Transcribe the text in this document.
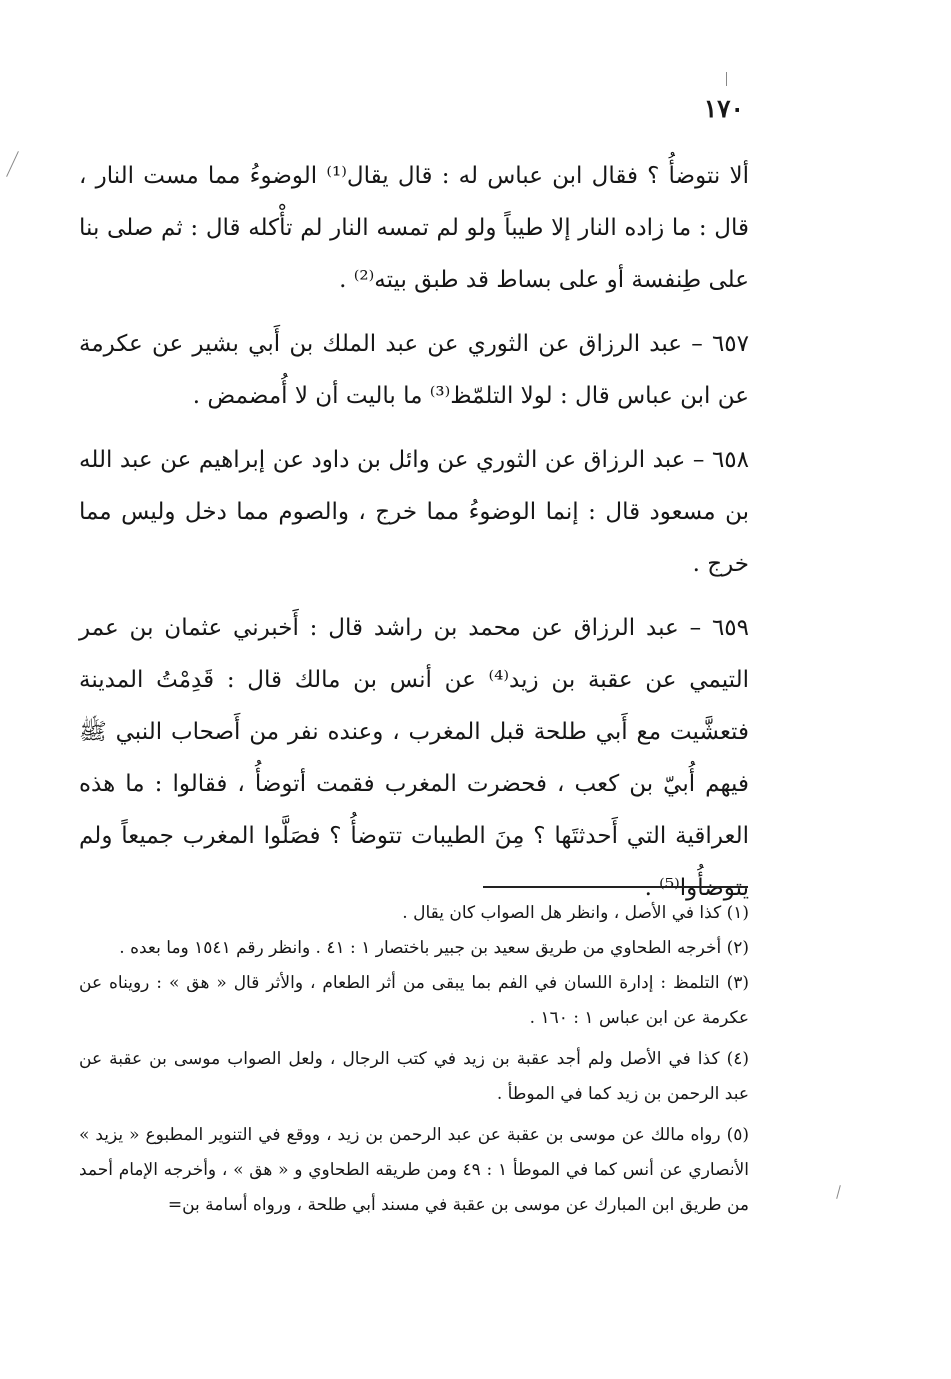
١٧٠

ألا نتوضأُ ؟ فقال ابن عباس له : قال يقال⁽¹⁾ الوضوءُ مما مست النار ، قال : ما زاده النار إلا طيباً ولو لم تمسه النار لم تأْكله قال : ثم صلى بنا على طِنفسة أو على بساط قد طبق بيته⁽²⁾ .

٦٥٧ – عبد الرزاق عن الثوري عن عبد الملك بن أَبي بشير عن عكرمة عن ابن عباس قال : لولا التلمّظ⁽³⁾ ما باليت أن لا أُمضمض .

٦٥٨ – عبد الرزاق عن الثوري عن وائل بن داود عن إبراهيم عن عبد الله بن مسعود قال : إنما الوضوءُ مما خرج ، والصوم مما دخل وليس مما خرج .

٦٥٩ – عبد الرزاق عن محمد بن راشد قال : أَخبرني عثمان بن عمر التيمي عن عقبة بن زيد⁽⁴⁾ عن أنس بن مالك قال : قَدِمْتُ المدينة فتعشَّيت مع أَبي طلحة قبل المغرب ، وعنده نفر من أَصحاب النبي ﷺ فيهم أُبيّ بن كعب ، فحضرت المغرب فقمت أتوضأُ ، فقالوا : ما هذه العراقية التي أَحدثتَها ؟ مِنَ الطيبات تتوضأُ ؟ فصَلَّوا المغرب جميعاً ولم يتوضأُوا⁽⁵⁾ .

(١) كذا في الأصل ، وانظر هل الصواب كان يقال .

(٢) أخرجه الطحاوي من طريق سعيد بن جبير باختصار ١ : ٤١ . وانظر رقم ١٥٤١ وما بعده .

(٣) التلمظ : إدارة اللسان في الفم بما يبقى من أثر الطعام ، والأثر قال « هق » : رويناه عن عكرمة عن ابن عباس ١ : ١٦٠ .

(٤) كذا في الأصل ولم أجد عقبة بن زيد في كتب الرجال ، ولعل الصواب موسى بن عقبة عن عبد الرحمن بن زيد كما في الموطأ .

(٥) رواه مالك عن موسى بن عقبة عن عبد الرحمن بن زيد ، ووقع في التنوير المطبوع « يزيد » الأنصاري عن أنس كما في الموطأ ١ : ٤٩ ومن طريقه الطحاوي و « هق » ، وأخرجه الإمام أحمد من طريق ابن المبارك عن موسى بن عقبة في مسند أبي طلحة ، ورواه أسامة بن=
